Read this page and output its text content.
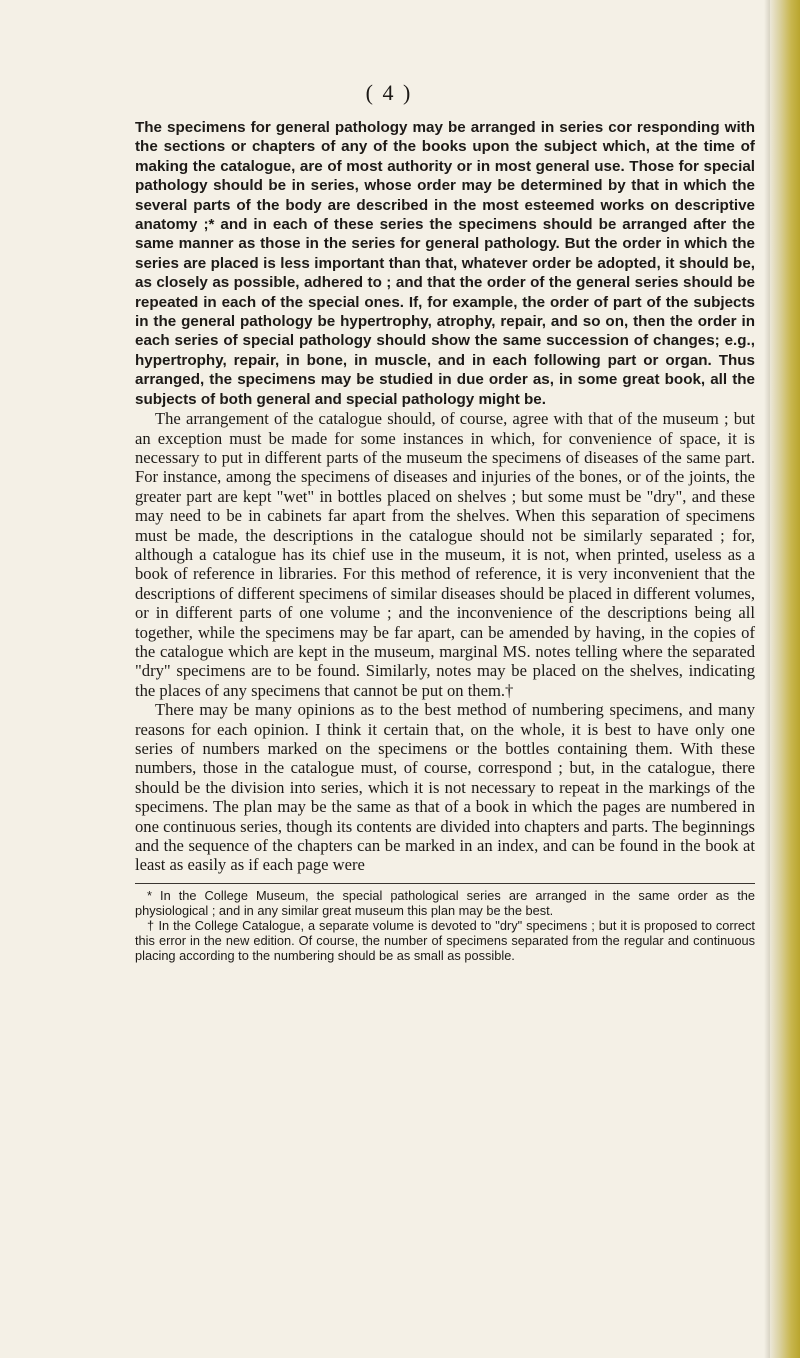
( 4 )

The specimens for general pathology may be arranged in series cor responding with the sections or chapters of any of the books upon the subject which, at the time of making the catalogue, are of most authority or in most general use. Those for special pathology should be in series, whose order may be determined by that in which the several parts of the body are described in the most esteemed works on descriptive anatomy ;* and in each of these series the specimens should be arranged after the same manner as those in the series for general pathology. But the order in which the series are placed is less important than that, whatever order be adopted, it should be, as closely as possible, adhered to ; and that the order of the general series should be repeated in each of the special ones. If, for example, the order of part of the subjects in the general pathology be hypertrophy, atrophy, repair, and so on, then the order in each series of special pathology should show the same succession of changes; e.g., hypertrophy, repair, in bone, in muscle, and in each following part or organ. Thus arranged, the specimens may be studied in due order as, in some great book, all the subjects of both general and special pathology might be.

The arrangement of the catalogue should, of course, agree with that of the museum ; but an exception must be made for some instances in which, for convenience of space, it is necessary to put in different parts of the museum the specimens of diseases of the same part. For instance, among the specimens of diseases and injuries of the bones, or of the joints, the greater part are kept "wet" in bottles placed on shelves ; but some must be "dry", and these may need to be in cabinets far apart from the shelves. When this separation of specimens must be made, the descriptions in the catalogue should not be similarly separated ; for, although a catalogue has its chief use in the museum, it is not, when printed, useless as a book of reference in libraries. For this method of reference, it is very inconvenient that the descriptions of different specimens of similar diseases should be placed in different volumes, or in different parts of one volume ; and the inconvenience of the descriptions being all together, while the specimens may be far apart, can be amended by having, in the copies of the catalogue which are kept in the museum, marginal MS. notes telling where the separated "dry" specimens are to be found. Similarly, notes may be placed on the shelves, indicating the places of any specimens that cannot be put on them.†

There may be many opinions as to the best method of numbering specimens, and many reasons for each opinion. I think it certain that, on the whole, it is best to have only one series of numbers marked on the specimens or the bottles containing them. With these numbers, those in the catalogue must, of course, correspond ; but, in the catalogue, there should be the division into series, which it is not necessary to repeat in the markings of the specimens. The plan may be the same as that of a book in which the pages are numbered in one continuous series, though its contents are divided into chapters and parts. The beginnings and the sequence of the chapters can be marked in an index, and can be found in the book at least as easily as if each page were

* In the College Museum, the special pathological series are arranged in the same order as the physiological ; and in any similar great museum this plan may be the best.

† In the College Catalogue, a separate volume is devoted to "dry" specimens ; but it is proposed to correct this error in the new edition. Of course, the number of specimens separated from the regular and continuous placing according to the numbering should be as small as possible.
